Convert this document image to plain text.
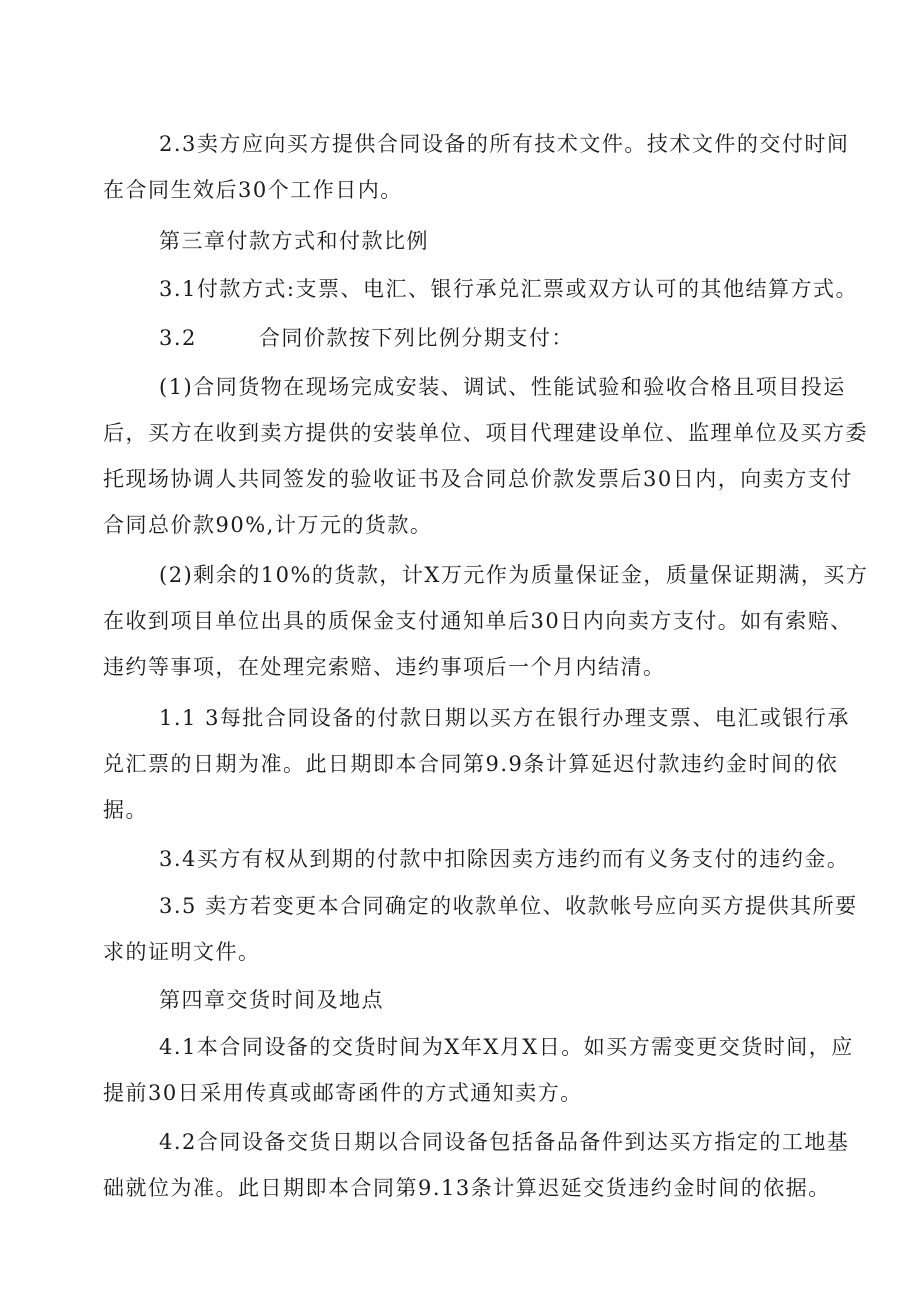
2.3卖方应向买方提供合同设备的所有技术文件。技术文件的交付时间在合同生效后30个工作日内。

第三章付款方式和付款比例

3.1付款方式:支票、电汇、银行承兑汇票或双方认可的其他结算方式。

3.2	合同价款按下列比例分期支付：

(1)合同货物在现场完成安装、调试、性能试验和验收合格且项目投运后，买方在收到卖方提供的安装单位、项目代理建设单位、监理单位及买方委托现场协调人共同签发的验收证书及合同总价款发票后30日内，向卖方支付合同总价款90%,计万元的货款。

(2)剩余的10%的货款，计X万元作为质量保证金，质量保证期满，买方在收到项目单位出具的质保金支付通知单后30日内向卖方支付。如有索赔、违约等事项，在处理完索赔、违约事项后一个月内结清。

1.1 3每批合同设备的付款日期以买方在银行办理支票、电汇或银行承兑汇票的日期为准。此日期即本合同第9.9条计算延迟付款违约金时间的依据。

3.4买方有权从到期的付款中扣除因卖方违约而有义务支付的违约金。

3.5 卖方若变更本合同确定的收款单位、收款帐号应向买方提供其所要求的证明文件。

第四章交货时间及地点

4.1本合同设备的交货时间为X年X月X日。如买方需变更交货时间，应提前30日采用传真或邮寄函件的方式通知卖方。

4.2合同设备交货日期以合同设备包括备品备件到达买方指定的工地基础就位为准。此日期即本合同第9.13条计算迟延交货违约金时间的依据。
